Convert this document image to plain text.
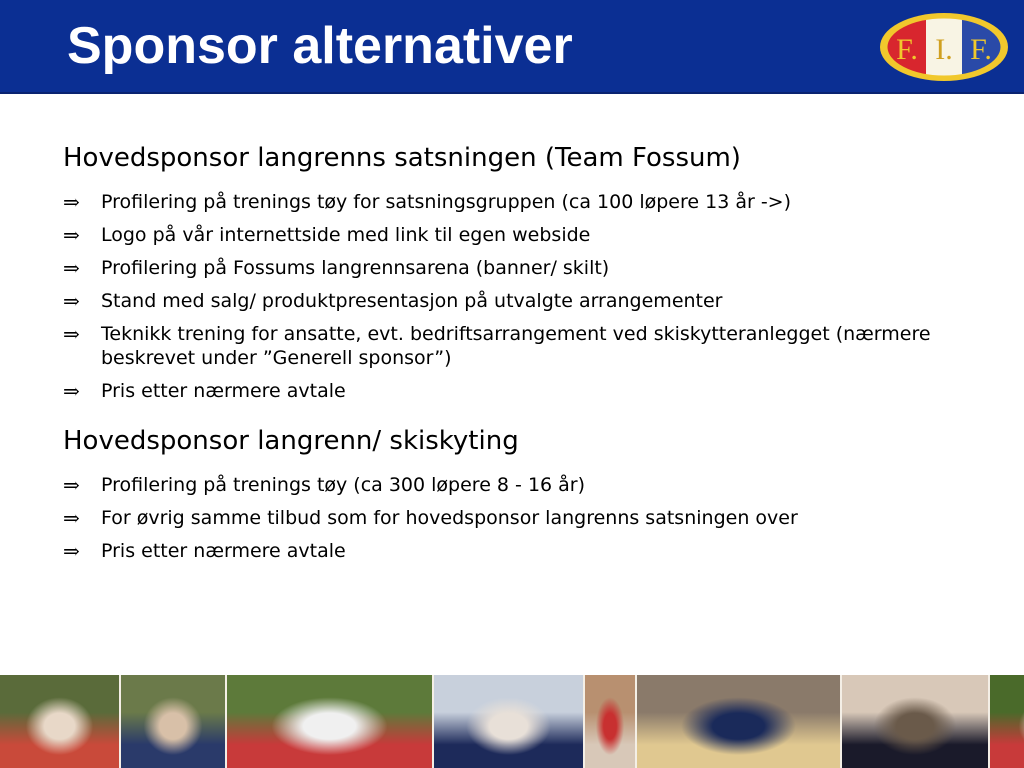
Sponsor alternativer	F. I. F.
Hovedsponsor langrenns satsningen (Team Fossum)
⇒	Profilering på trenings tøy for satsningsgruppen (ca 100 løpere 13 år ->)
⇒	Logo på vår internettside med link til egen webside
⇒	Profilering på Fossums langrennsarena (banner/ skilt)
⇒	Stand med salg/ produktpresentasjon på utvalgte arrangementer
⇒	Teknikk trening for ansatte, evt. bedriftsarrangement ved skiskytteranlegget (nærmere beskrevet under ”Generell sponsor”)
⇒	Pris etter nærmere avtale
Hovedsponsor langrenn/ skiskyting
⇒	Profilering på trenings tøy (ca 300 løpere 8 - 16 år)
⇒	For øvrig samme tilbud som for hovedsponsor langrenns satsningen over
⇒	Pris etter nærmere avtale
